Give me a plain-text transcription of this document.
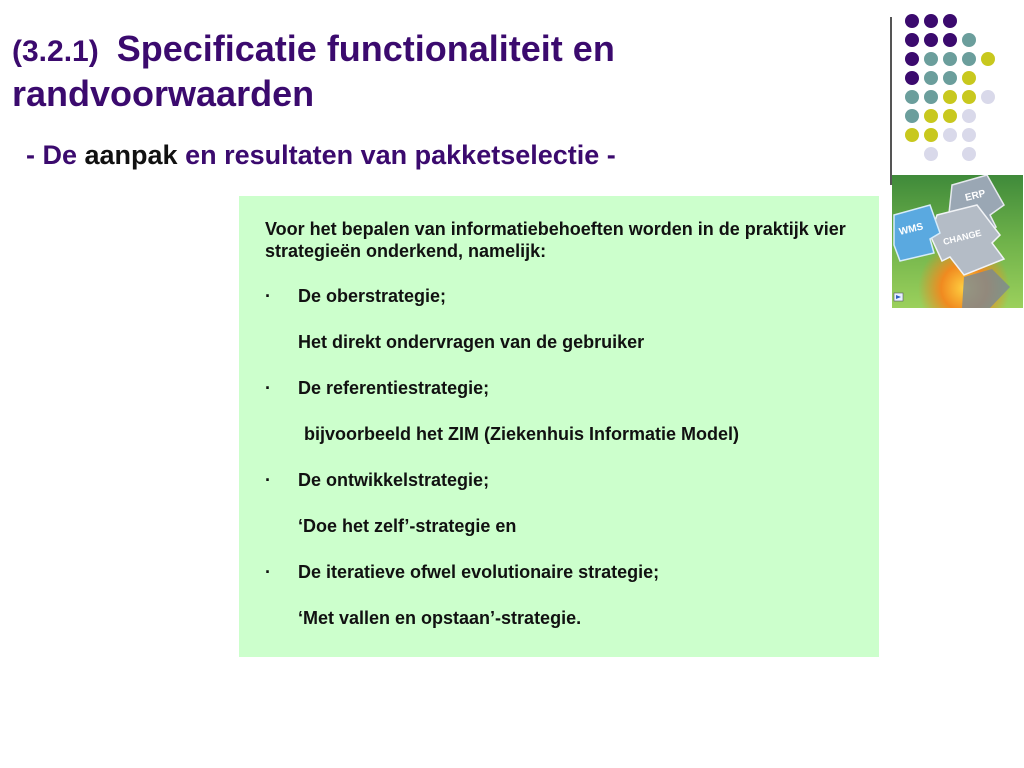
(3.2.1) Specificatie functionaliteit en randvoorwaarden
- De aanpak en resultaten van pakketselectie -
ERP
WMS CHANGE

Voor het bepalen van informatiebehoeften worden in de praktijk vier strategieën onderkend, namelijk:

·	De oberstrategie;

Het direkt ondervragen van de gebruiker

·	De referentiestrategie;

bijvoorbeeld het ZIM (Ziekenhuis Informatie Model)

·	De ontwikkelstrategie;

‘Doe het zelf’-strategie en

·	De iteratieve ofwel evolutionaire strategie;

‘Met vallen en opstaan’-strategie.
